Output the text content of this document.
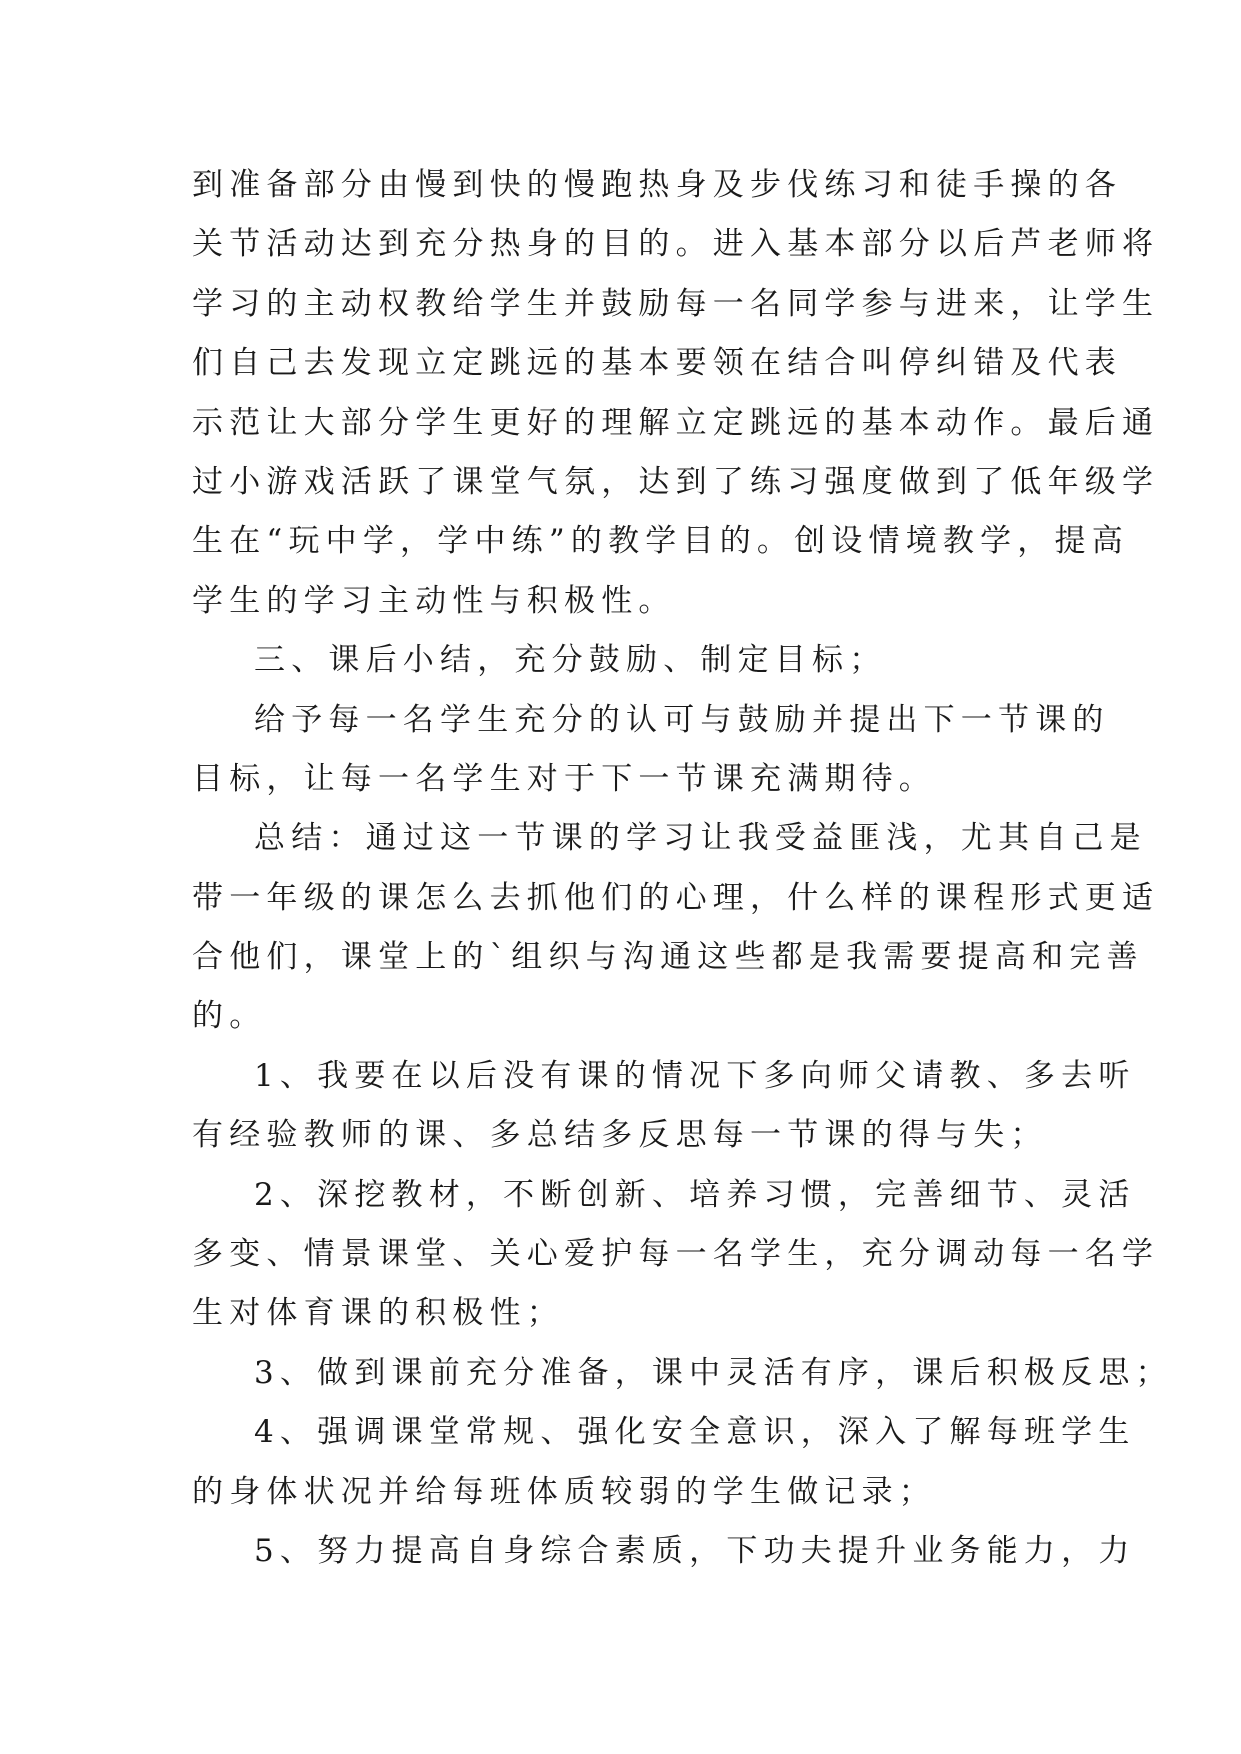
到准备部分由慢到快的慢跑热身及步伐练习和徒手操的各
关节活动达到充分热身的目的。进入基本部分以后芦老师将
学习的主动权教给学生并鼓励每一名同学参与进来，让学生
们自己去发现立定跳远的基本要领在结合叫停纠错及代表
示范让大部分学生更好的理解立定跳远的基本动作。最后通
过小游戏活跃了课堂气氛，达到了练习强度做到了低年级学
生在“玩中学，学中练”的教学目的。创设情境教学，提高
学生的学习主动性与积极性。
三、课后小结，充分鼓励、制定目标；
给予每一名学生充分的认可与鼓励并提出下一节课的
目标，让每一名学生对于下一节课充满期待。
总结：通过这一节课的学习让我受益匪浅，尤其自己是
带一年级的课怎么去抓他们的心理，什么样的课程形式更适
合他们，课堂上的`组织与沟通这些都是我需要提高和完善
的。
1、我要在以后没有课的情况下多向师父请教、多去听
有经验教师的课、多总结多反思每一节课的得与失；
2、深挖教材，不断创新、培养习惯，完善细节、灵活
多变、情景课堂、关心爱护每一名学生，充分调动每一名学
生对体育课的积极性；
3、做到课前充分准备，课中灵活有序，课后积极反思；
4、强调课堂常规、强化安全意识，深入了解每班学生
的身体状况并给每班体质较弱的学生做记录；
5、努力提高自身综合素质，下功夫提升业务能力，力
